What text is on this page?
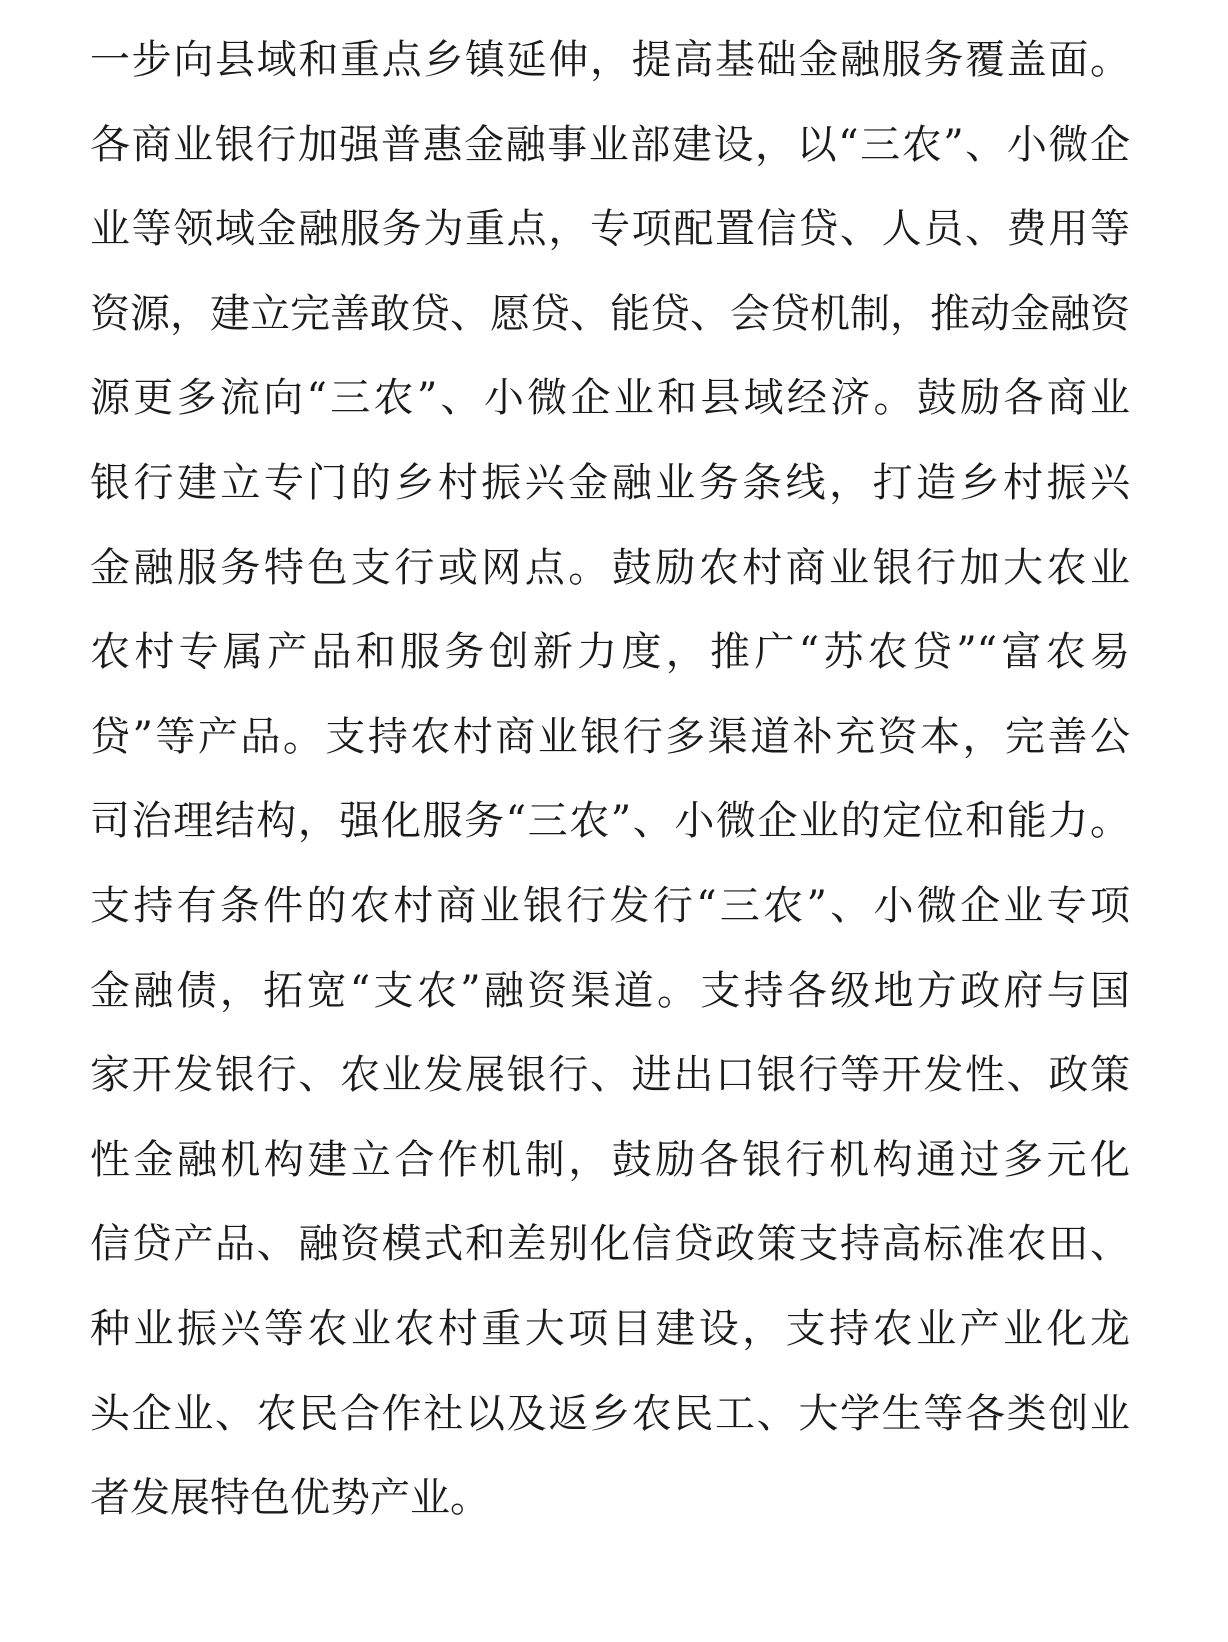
一步向县域和重点乡镇延伸，提高基础金融服务覆盖面。
各商业银行加强普惠金融事业部建设，以“三农”、小微企
业等领域金融服务为重点，专项配置信贷、人员、费用等
资源，建立完善敢贷、愿贷、能贷、会贷机制，推动金融资
源更多流向“三农”、小微企业和县域经济。鼓励各商业
银行建立专门的乡村振兴金融业务条线，打造乡村振兴
金融服务特色支行或网点。鼓励农村商业银行加大农业
农村专属产品和服务创新力度，推广“苏农贷”“富农易
贷”等产品。支持农村商业银行多渠道补充资本，完善公
司治理结构，强化服务“三农”、小微企业的定位和能力。
支持有条件的农村商业银行发行“三农”、小微企业专项
金融债，拓宽“支农”融资渠道。支持各级地方政府与国
家开发银行、农业发展银行、进出口银行等开发性、政策
性金融机构建立合作机制，鼓励各银行机构通过多元化
信贷产品、融资模式和差别化信贷政策支持高标准农田、
种业振兴等农业农村重大项目建设，支持农业产业化龙
头企业、农民合作社以及返乡农民工、大学生等各类创业
者发展特色优势产业。
